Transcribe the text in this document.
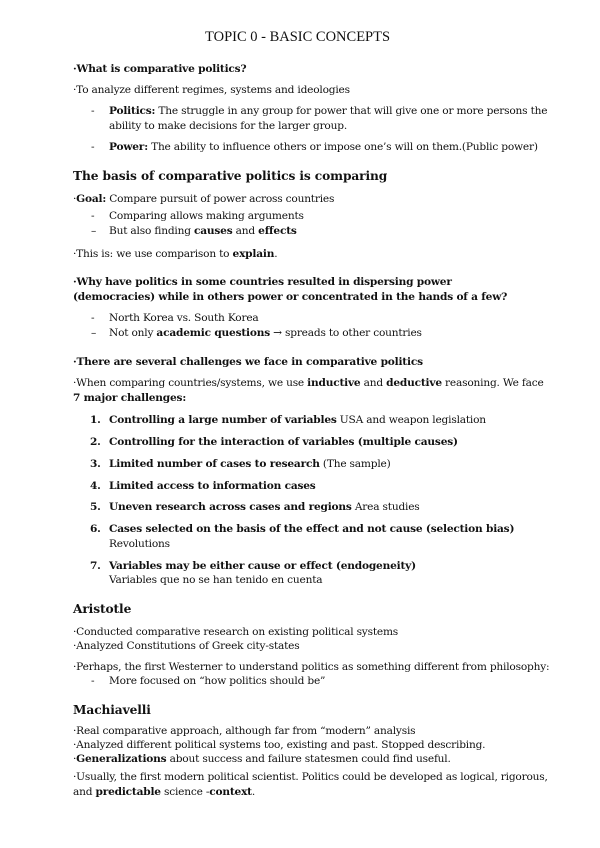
TOPIC 0 - BASIC CONCEPTS
·What is comparative politics?
·To analyze different regimes, systems and ideologies
- Politics: The struggle in any group for power that will give one or more persons the
ability to make decisions for the larger group.
- Power: The ability to influence others or impose one’s will on them.(Public power)
The basis of comparative politics is comparing
·Goal: Compare pursuit of power across countries
- Comparing allows making arguments
– But also finding causes and effects
·This is: we use comparison to explain.
·Why have politics in some countries resulted in dispersing power
(democracies) while in others power or concentrated in the hands of a few?
- North Korea vs. South Korea
– Not only academic questions → spreads to other countries
·There are several challenges we face in comparative politics
·When comparing countries/systems, we use inductive and deductive reasoning. We face
7 major challenges:
1. Controlling a large number of variables USA and weapon legislation
2. Controlling for the interaction of variables (multiple causes)
3. Limited number of cases to research (The sample)
4. Limited access to information cases
5. Uneven research across cases and regions Area studies
6. Cases selected on the basis of the effect and not cause (selection bias)
Revolutions
7. Variables may be either cause or effect (endogeneity)
Variables que no se han tenido en cuenta
Aristotle
·Conducted comparative research on existing political systems
·Analyzed Constitutions of Greek city-states
·Perhaps, the first Westerner to understand politics as something different from philosophy:
- More focused on “how politics should be”
Machiavelli
·Real comparative approach, although far from “modern” analysis
·Analyzed different political systems too, existing and past. Stopped describing.
·Generalizations about success and failure statesmen could find useful.
·Usually, the first modern political scientist. Politics could be developed as logical, rigorous,
and predictable science -context.
